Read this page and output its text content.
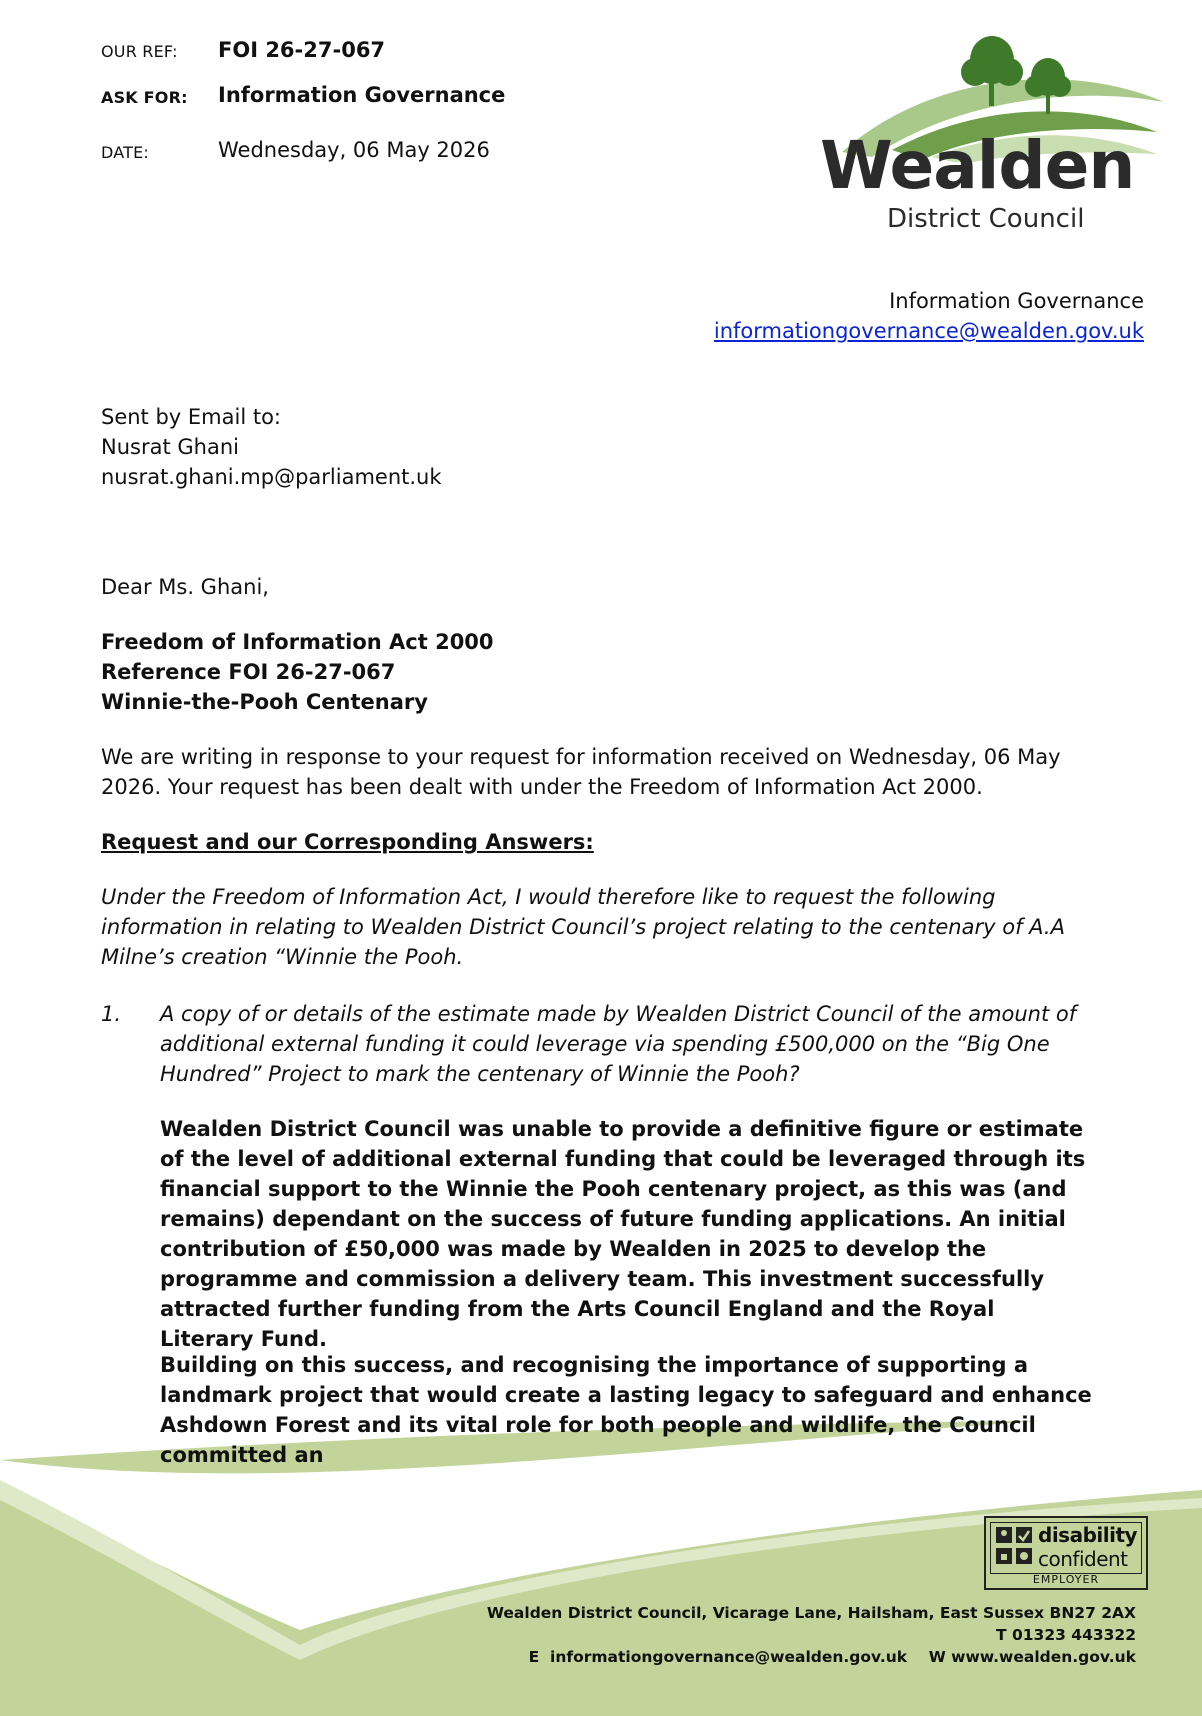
OUR REF: FOI 26-27-067
ASK FOR: Information Governance
DATE:	Wednesday, 06 May 2026	Wealden
District Council
Information Governance
informationgovernance@wealden.gov.uk
Sent by Email to:
Nusrat Ghani
nusrat.ghani.mp@parliament.uk
Dear Ms. Ghani,
Freedom of Information Act 2000
Reference FOI 26-27-067
Winnie-the-Pooh Centenary
We are writing in response to your request for information received on Wednesday, 06 May 2026. Your request has been dealt with under the Freedom of Information Act 2000.
Request and our Corresponding Answers:
Under the Freedom of Information Act, I would therefore like to request the following information in relating to Wealden District Council’s project relating to the centenary of A.A Milne’s creation “Winnie the Pooh.
1. A copy of or details of the estimate made by Wealden District Council of the amount of additional external funding it could leverage via spending £500,000 on the “Big One Hundred” Project to mark the centenary of Winnie the Pooh?
Wealden District Council was unable to provide a definitive figure or estimate of the level of additional external funding that could be leveraged through its financial support to the Winnie the Pooh centenary project, as this was (and remains) dependant on the success of future funding applications. An initial contribution of £50,000 was made by Wealden in 2025 to develop the programme and commission a delivery team. This investment successfully attracted further funding from the Arts Council England and the Royal Literary Fund.
Building on this success, and recognising the importance of supporting a landmark project that would create a lasting legacy to safeguard and enhance Ashdown Forest and its vital role for both people and wildlife, the Council committed an
disability
confident
EMPLOYER
Wealden District Council, Vicarage Lane, Hailsham, East Sussex BN27 2AX
T 01323 443322
E  informationgovernance@wealden.gov.uk    W www.wealden.gov.uk
